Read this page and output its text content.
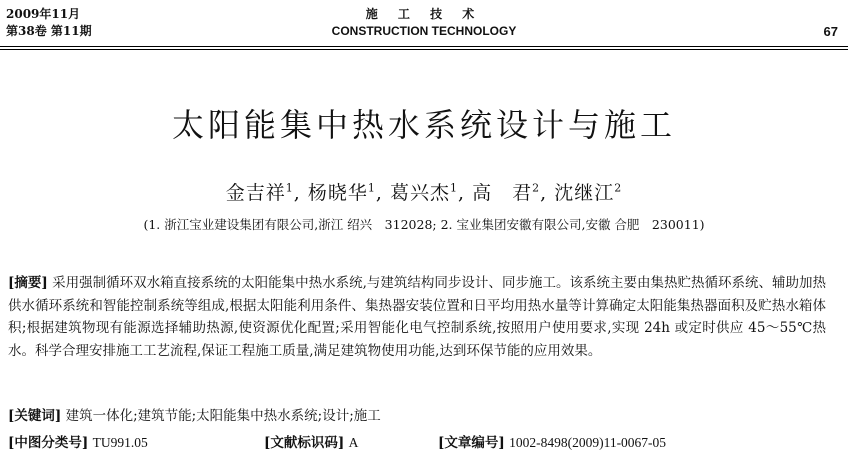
2009年11月
第38卷 第11期
施 工 技 术
CONSTRUCTION TECHNOLOGY	67
太阳能集中热水系统设计与施工
金吉祥$^1$, 杨晓华$^1$, 葛兴杰$^1$, 高　君$^2$, 沈继江$^2$
(1. 浙江宝业建设集团有限公司,浙江 绍兴　312028; 2. 宝业集团安徽有限公司,安徽 合肥　230011)
[摘要] 采用强制循环双水箱直接系统的太阳能集中热水系统,与建筑结构同步设计、同步施工。该系统主要由集热贮热循环系统、辅助加热供水循环系统和智能控制系统等组成,根据太阳能利用条件、集热器安装位置和日平均用热水量等计算确定太阳能集热器面积及贮热水箱体积;根据建筑物现有能源选择辅助热源,使资源优化配置;采用智能化电气控制系统,按照用户使用要求,实现 24h 或定时供应 45～55℃热水。科学合理安排施工工艺流程,保证工程施工质量,满足建筑物使用功能,达到环保节能的应用效果。
[关键词] 建筑一体化;建筑节能;太阳能集中热水系统;设计;施工
[中图分类号] TU991.05	[文献标识码] A	[文章编号] 1002-8498(2009)11-0067-05
